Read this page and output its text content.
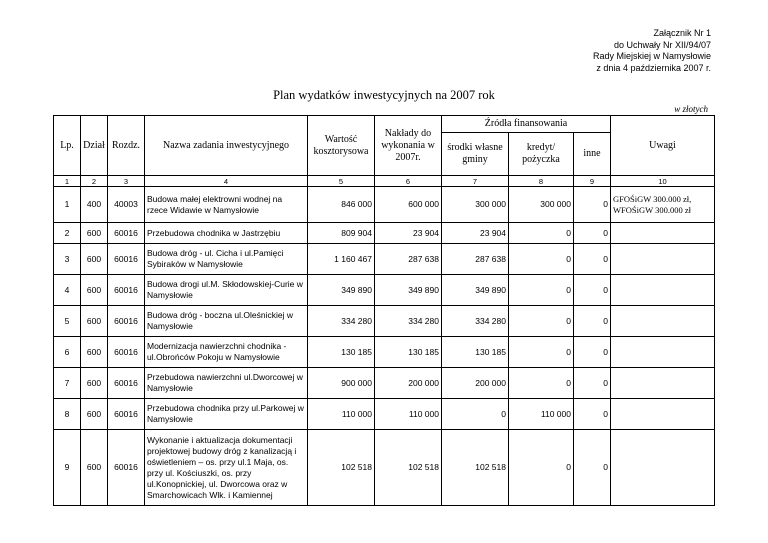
Załącznik Nr 1
do Uchwały Nr XII/94/07
Rady Miejskiej w Namysłowie
z dnia 4 października 2007 r.
Plan wydatków inwestycyjnych na 2007 rok
w złotych
Lp.	Dział	Rozdz.	Nazwa zadania inwestycyjnego	Wartość kosztorysowa	Nakłady do wykonania w 2007r.	Źródła finansowania			Uwagi
						środki własne gminy	kredyt/ pożyczka	inne	
1	2	3	4	5	6	7	8	9	10
1	400	40003	Budowa małej elektrowni wodnej na rzece Widawie w Namysłowie	846 000	600 000	300 000	300 000	0	GFOŚiGW 300.000 zł, WFOŚiGW 300.000 zł
2	600	60016	Przebudowa chodnika w Jastrzębiu	809 904	23 904	23 904	0	0	
3	600	60016	Budowa dróg - ul. Cicha i ul.Pamięci Sybiraków w Namysłowie	1 160 467	287 638	287 638	0	0	
4	600	60016	Budowa drogi ul.M. Skłodowskiej-Curie w Namysłowie	349 890	349 890	349 890	0	0	
5	600	60016	Budowa dróg - boczna ul.Oleśnickiej w Namysłowie	334 280	334 280	334 280	0	0	
6	600	60016	Modernizacja nawierzchni chodnika - ul.Obrońców Pokoju w Namysłowie	130 185	130 185	130 185	0	0	
7	600	60016	Przebudowa nawierzchni ul.Dworcowej w Namysłowie	900 000	200 000	200 000	0	0	
8	600	60016	Przebudowa chodnika przy ul.Parkowej w Namysłowie	110 000	110 000	0	110 000	0	
9	600	60016	Wykonanie i aktualizacja dokumentacji projektowej budowy dróg z kanalizacją i oświetleniem – os. przy ul.1 Maja, os. przy ul. Kościuszki, os. przy ul.Konopnickiej, ul. Dworcowa oraz w Smarchowicach Wlk. i Kamiennej	102 518	102 518	102 518	0	0	
